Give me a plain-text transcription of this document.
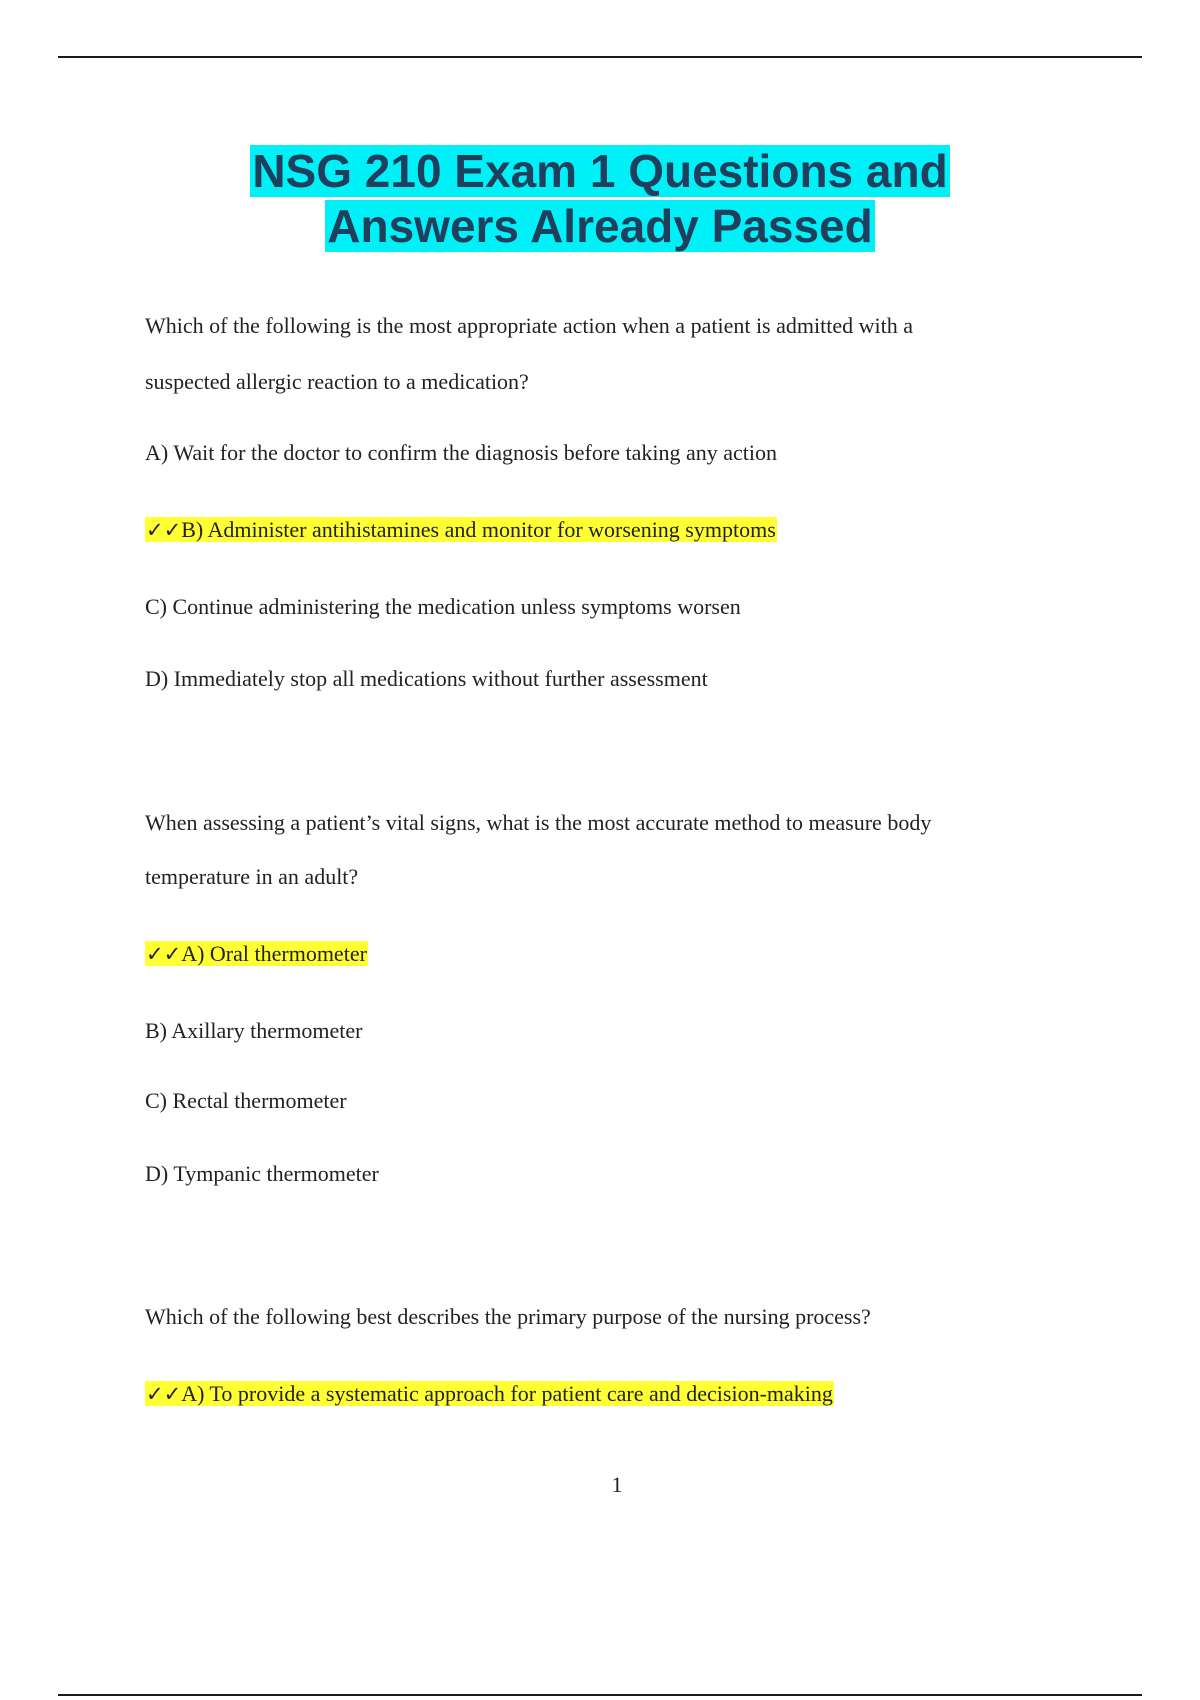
NSG 210 Exam 1 Questions and
Answers Already Passed

Which of the following is the most appropriate action when a patient is admitted with a

suspected allergic reaction to a medication?

A) Wait for the doctor to confirm the diagnosis before taking any action

✓✓B) Administer antihistamines and monitor for worsening symptoms

C) Continue administering the medication unless symptoms worsen

D) Immediately stop all medications without further assessment

When assessing a patient’s vital signs, what is the most accurate method to measure body

temperature in an adult?

✓✓A) Oral thermometer

B) Axillary thermometer

C) Rectal thermometer

D) Tympanic thermometer

Which of the following best describes the primary purpose of the nursing process?

✓✓A) To provide a systematic approach for patient care and decision-making

1
